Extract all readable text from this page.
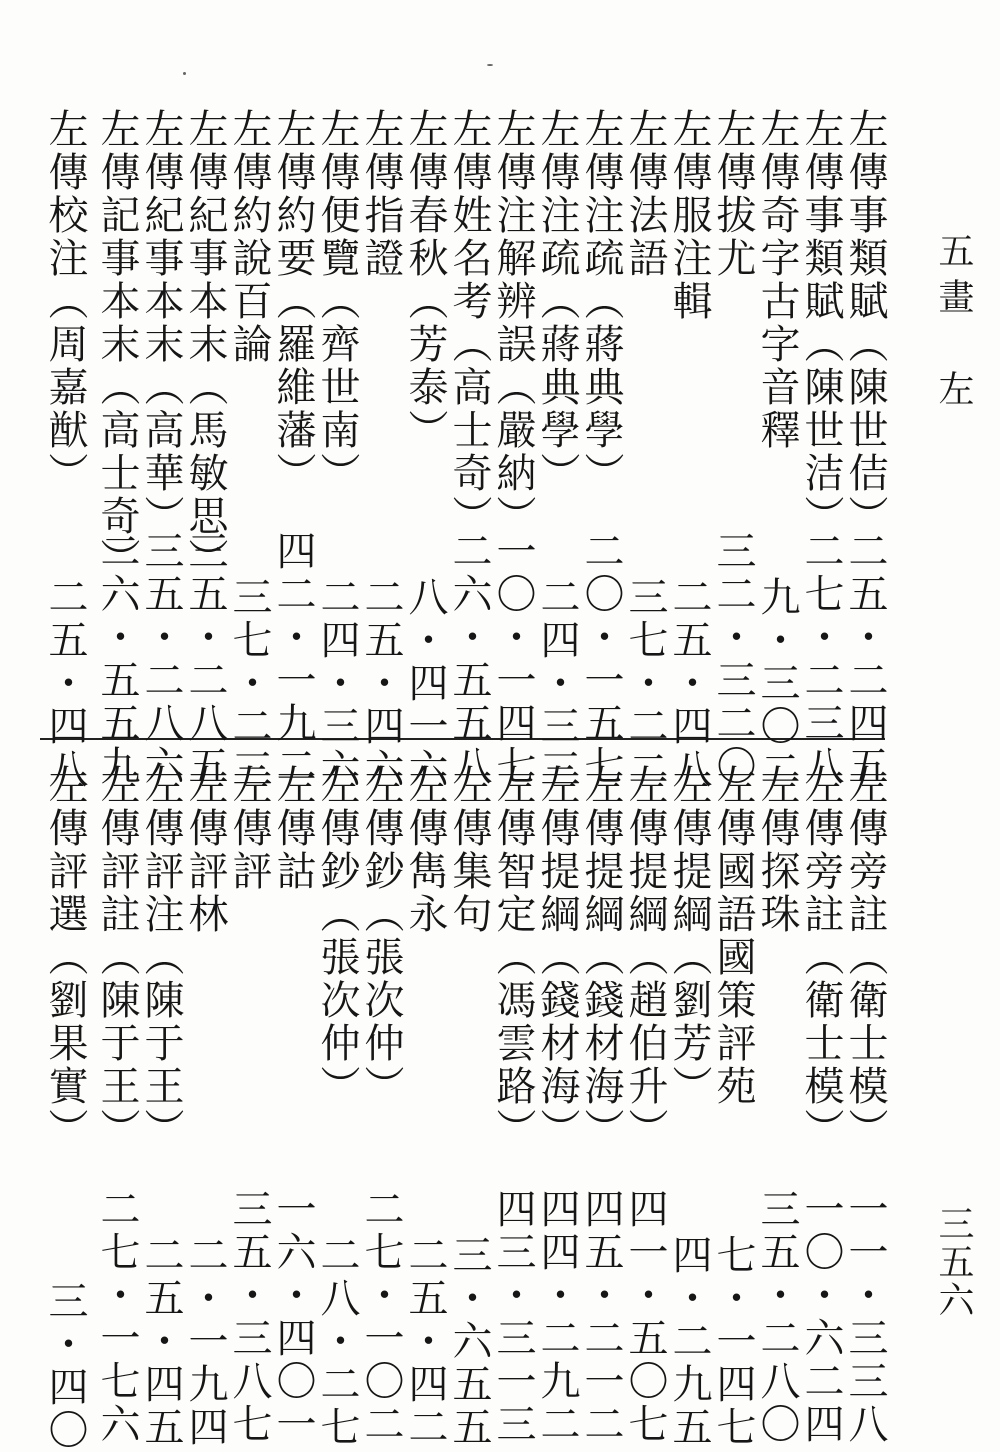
五畫　左
三五六
左傳事類賦︵陳世佶︶
二五・二四五
左傳事類賦︵陳世洁︶
二七・二三八
左傳奇字古字音釋
九・三〇二
左傳拔尤
三二・三二〇
左傳服注輯
二五・四八
左傳法語
三七・二二
左傳注疏︵蔣典學︶
二〇・一五七
左傳注疏︵蔣典學︶
二四・三三
左傳注解辨誤︵嚴納︶
一〇・一四七
左傳姓名考︵高士奇︶
二六・五五八
左傳春秋︵芳泰︶
八・四一六
左傳指證
二五・四六
左傳便覽︵齊世南︶
二四・三六
左傳約要︵羅維藩︶
四二・一九二
左傳約說百論
三七・二三
左傳紀事本末︵馬敏思︶
三五・二八五
左傳紀事本末︵高華︶
三五・二八六
左傳記事本末︵高士奇︶
二六・五五九
左傳校注︵周嘉猷︶
二五・四八
左傳旁註︵衛士模︶
一一・三三八
左傳旁註︵衛士模︶
一〇・六二四
左傳探珠
三五・二八〇
左傳國語國策評苑
七・一四七
左傳提綱︵劉芳︶
四・二九五
左傳提綱︵趙伯升︶
四一・五〇七
左傳提綱︵錢材海︶
四五・二一二
左傳提綱︵錢材海︶
四四・二九二
左傳智定︵馮雲路︶
四三・三一三
左傳集句
三・六五五
左傳雋永
二五・四二
左傳鈔︵張次仲︶
二七・一〇二
左傳鈔︵張次仲︶
二八・二七
左傳詁
一六・四〇一
左傳評
三五・三八七
左傳評林
二・一九四
左傳評注︵陳于王︶
二五・四五
左傳評註︵陳于王︶
二七・一七六
左傳評選︵劉果實︶
三・四〇
